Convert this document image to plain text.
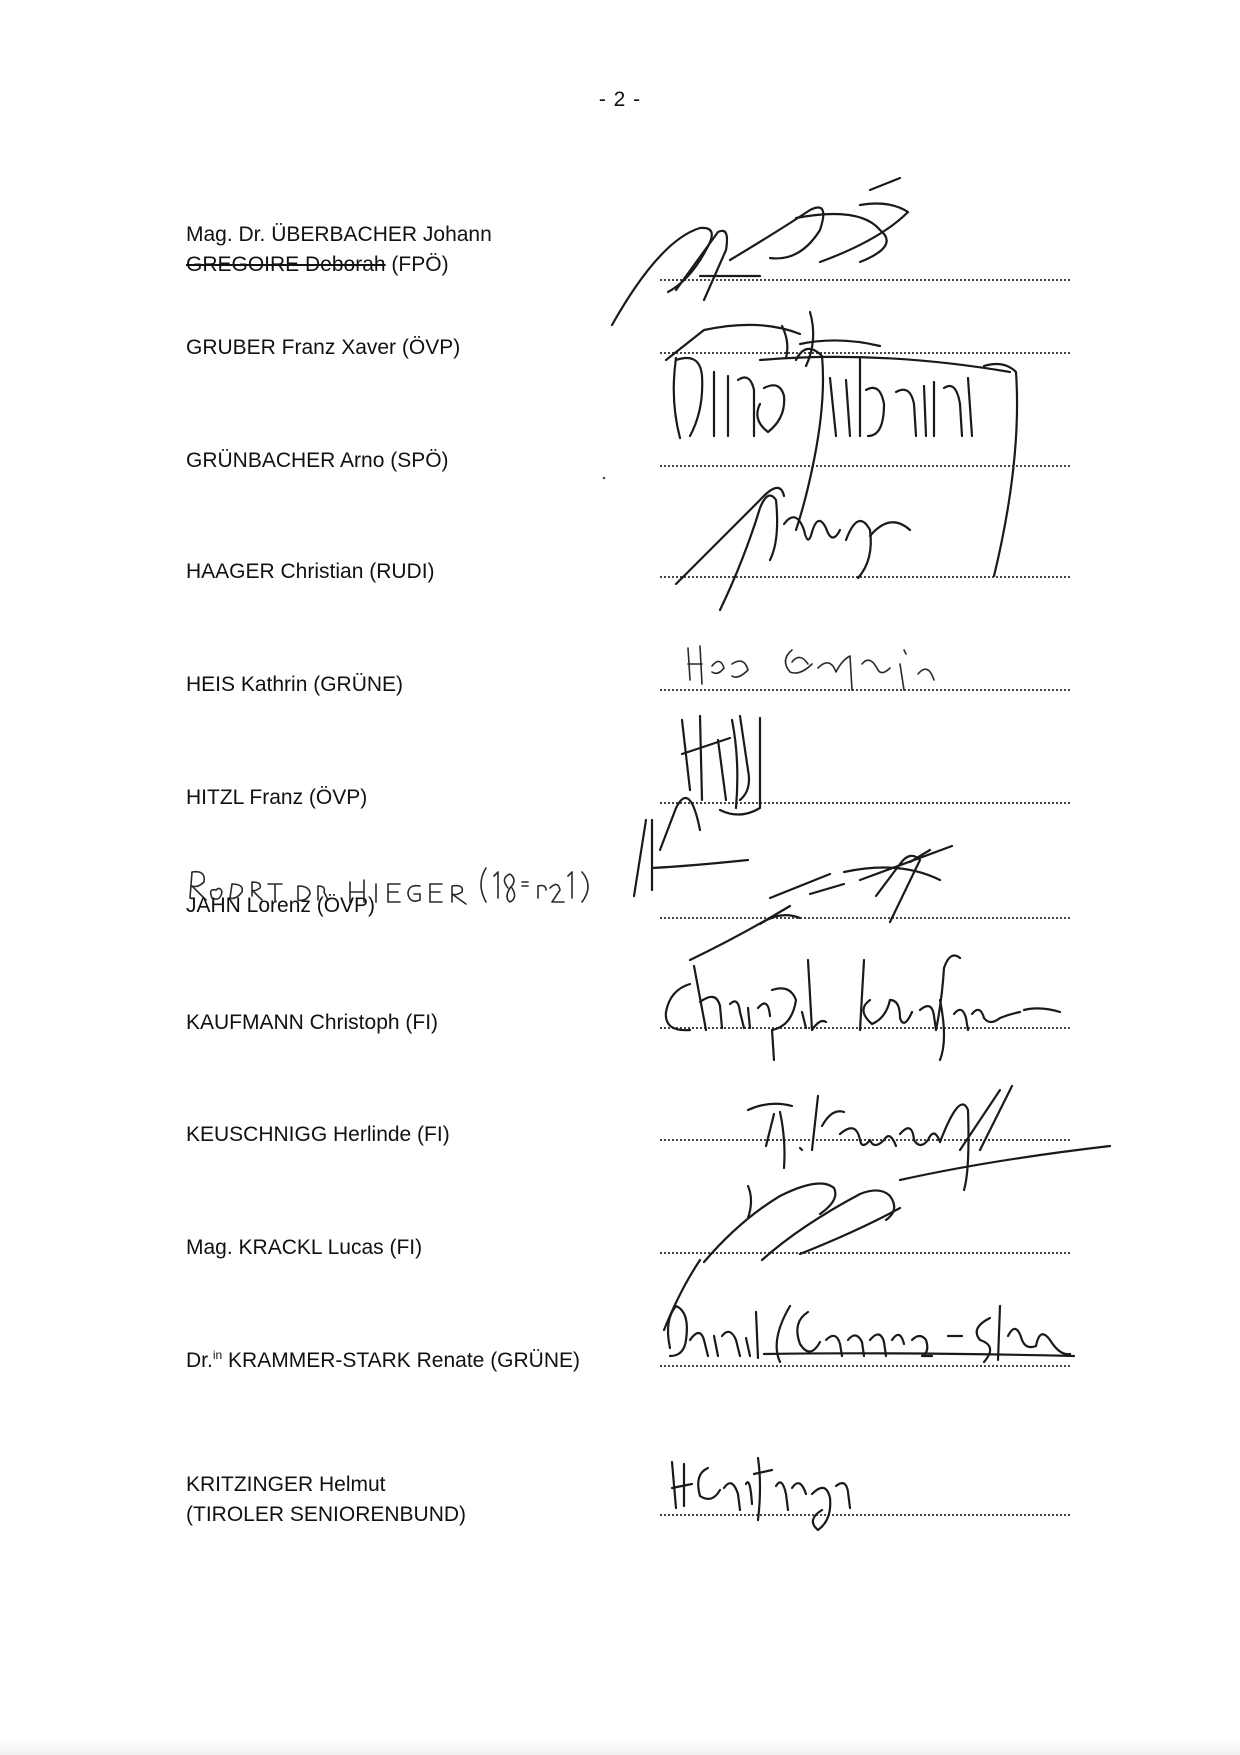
- 2 -
Mag. Dr. ÜBERBACHER Johann
GREGOIRE Deborah (FPÖ)
GRUBER Franz Xaver (ÖVP)
GRÜNBACHER Arno (SPÖ)
HAAGER Christian (RUDI)
HEIS Kathrin (GRÜNE)
HITZL Franz (ÖVP)
JAHN Lorenz (ÖVP)
KAUFMANN Christoph (FI)
KEUSCHNIGG Herlinde (FI)
Mag. KRACKL Lucas (FI)
Dr.$^{in}$ KRAMMER-STARK Renate (GRÜNE)
KRITZINGER Helmut
(TIROLER SENIORENBUND)
